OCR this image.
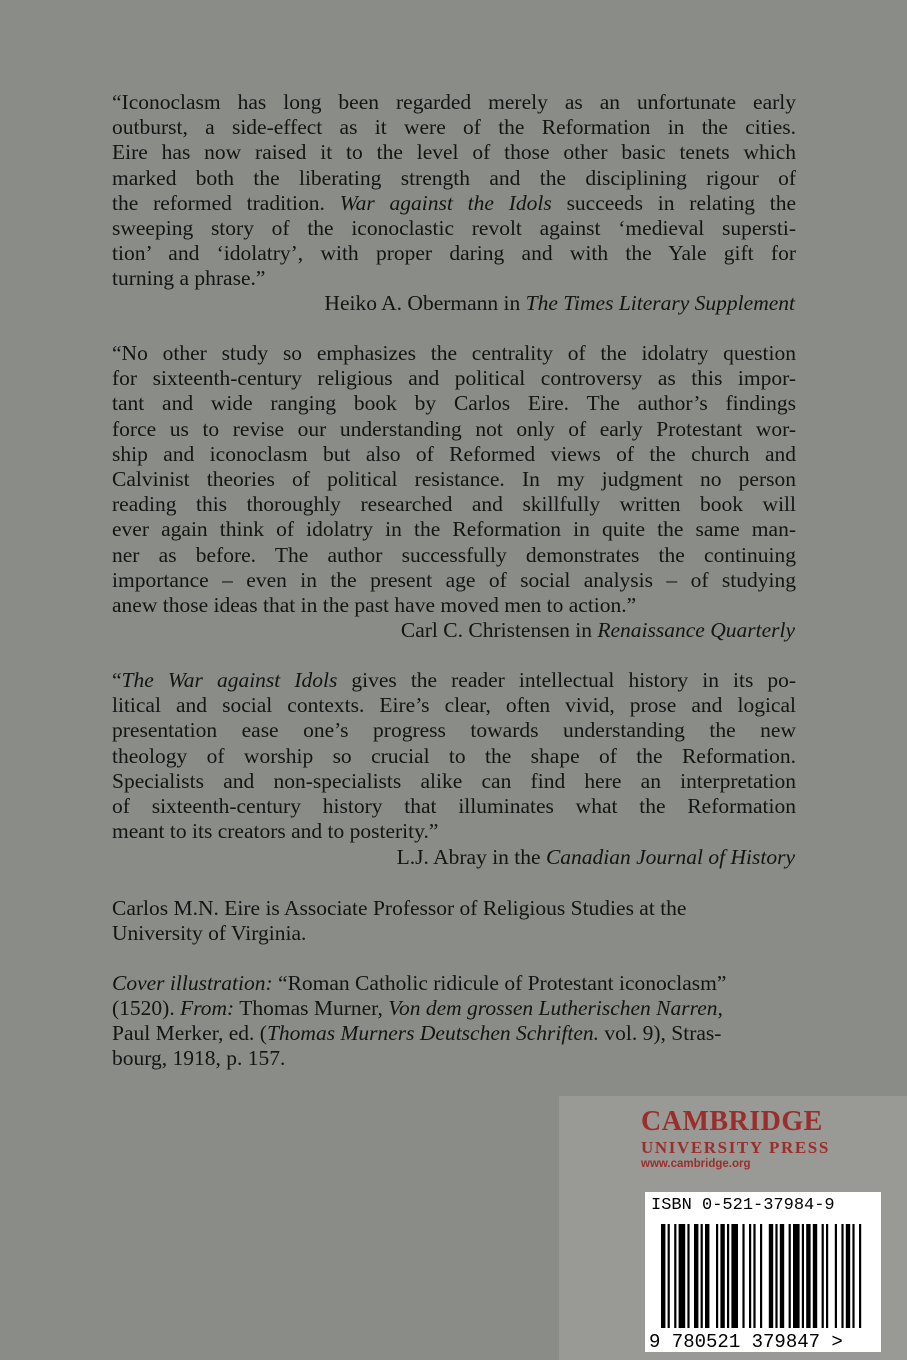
“Iconoclasm has long been regarded merely as an unfortunate early
outburst, a side-effect as it were of the Reformation in the cities.
Eire has now raised it to the level of those other basic tenets which
marked both the liberating strength and the disciplining rigour of
the reformed tradition. War against the Idols succeeds in relating the
sweeping story of the iconoclastic revolt against ‘medieval supersti-
tion’ and ‘idolatry’, with proper daring and with the Yale gift for
turning a phrase.”
Heiko A. Obermann in The Times Literary Supplement
“No other study so emphasizes the centrality of the idolatry question
for sixteenth-century religious and political controversy as this impor-
tant and wide ranging book by Carlos Eire. The author’s findings
force us to revise our understanding not only of early Protestant wor-
ship and iconoclasm but also of Reformed views of the church and
Calvinist theories of political resistance. In my judgment no person
reading this thoroughly researched and skillfully written book will
ever again think of idolatry in the Reformation in quite the same man-
ner as before. The author successfully demonstrates the continuing
importance – even in the present age of social analysis – of studying
anew those ideas that in the past have moved men to action.”
Carl C. Christensen in Renaissance Quarterly
“The War against Idols gives the reader intellectual history in its po-
litical and social contexts. Eire’s clear, often vivid, prose and logical
presentation ease one’s progress towards understanding the new
theology of worship so crucial to the shape of the Reformation.
Specialists and non-specialists alike can find here an interpretation
of sixteenth-century history that illuminates what the Reformation
meant to its creators and to posterity.”
L.J. Abray in the Canadian Journal of History
Carlos M.N. Eire is Associate Professor of Religious Studies at the
University of Virginia.
Cover illustration: “Roman Catholic ridicule of Protestant iconoclasm”
(1520). From: Thomas Murner, Von dem grossen Lutherischen Narren,
Paul Merker, ed. (Thomas Murners Deutschen Schriften. vol. 9), Stras-
bourg, 1918, p. 157.
CAMBRIDGE
UNIVERSITY PRESS
www.cambridge.org
ISBN 0-521-37984-9
9 780521 379847 >
